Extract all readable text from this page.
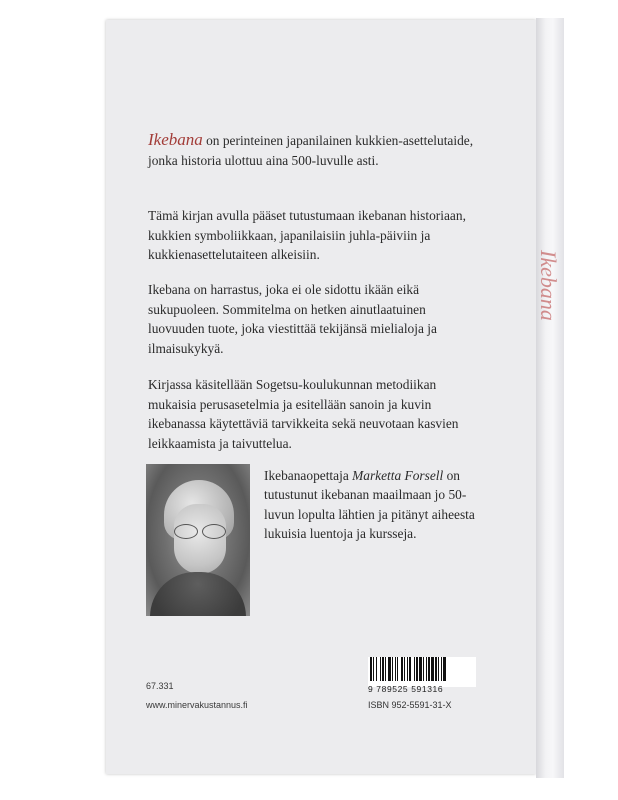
Ikebana
Ikebana on perinteinen japanilainen kukkien-asettelutaide, jonka historia ulottuu aina 500-luvulle asti.
Tämä kirjan avulla pääset tutustumaan ikebanan historiaan, kukkien symboliikkaan, japanilaisiin juhla-päiviin ja kukkienasettelutaiteen alkeisiin.
Ikebana on harrastus, joka ei ole sidottu ikään eikä sukupuoleen. Sommitelma on hetken ainutlaatuinen luovuuden tuote, joka viestittää tekijänsä mielialoja ja ilmaisukykyä.
Kirjassa käsitellään Sogetsu-koulukunnan metodiikan mukaisia perusasetelmia ja esitellään sanoin ja kuvin ikebanassa käytettäviä tarvikkeita sekä neuvotaan kasvien leikkaamista ja taivuttelua.
Ikebanaopettaja Marketta Forsell on tutustunut ikebanan maailmaan jo 50-luvun lopulta lähtien ja pitänyt aiheesta lukuisia luentoja ja kursseja.
67.331
www.minervakustannus.fi
9 789525 591316
ISBN 952-5591-31-X
